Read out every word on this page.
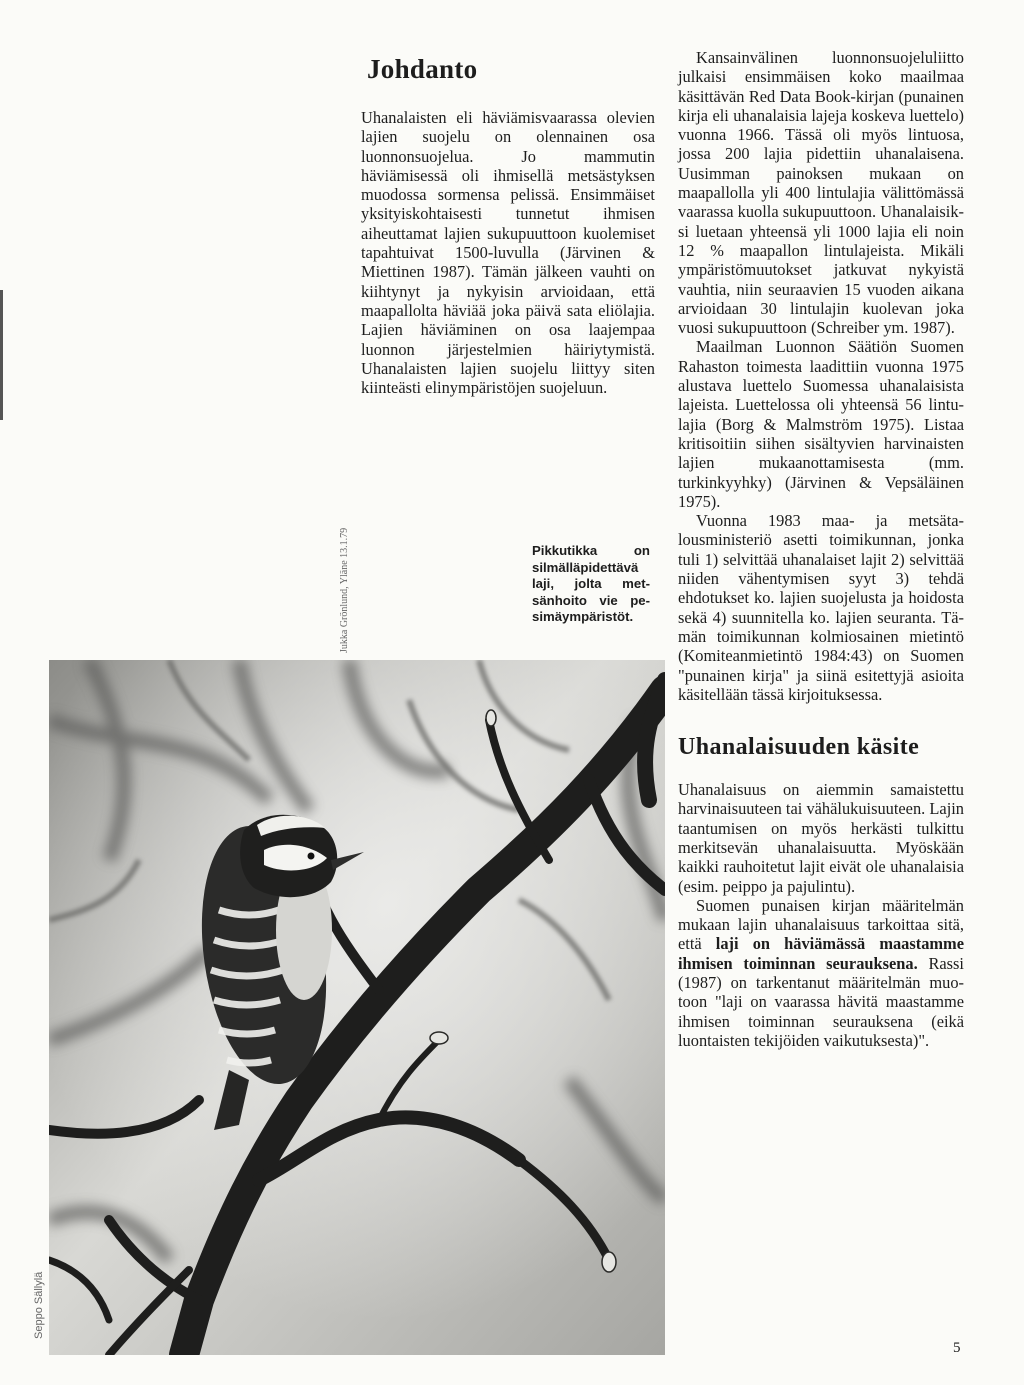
Johdanto

Uhanalaisten eli häviämisvaarassa olevien lajien suojelu on olennainen osa luonnonsuojelua. Jo mammutin häviämisessä oli ihmisellä metsästyksen muodossa sormensa pelissä. Ensimmäiset yksityiskohtaisesti tunnetut ihmisen aiheuttamat lajien sukupuuttoon kuolemiset tapahtuivat 1500-luvulla (Järvinen & Miettinen 1987). Tämän jälkeen vauhti on kiihtynyt ja nykyisin arvioidaan, että maapallolta häviää joka päivä sata eliölajia. Lajien häviäminen on osa laajempaa luonnon järjestelmien häiriytymistä. Uhanalaisten lajien suojelu liittyy siten kiinteästi elinympäristöjen suojeluun.

Kansainvälinen luonnonsuojeluliitto julkaisi ensimmäisen koko maailmaa käsittävän Red Data Book-kirjan (punainen kirja eli uhanalaisia lajeja koskeva luettelo) vuonna 1966. Tässä oli myös lintuosa, jossa 200 lajia pidettiin uhanalaisena. Uusimman painoksen mukaan on maapallolla yli 400 lintulajia välittömässä vaarassa kuolla sukupuuttoon. Uhanalaisiksi luetaan yhteensä yli 1000 lajia eli noin 12 % maapallon lintulajeista. Mikäli ympäristömuutokset jatkuvat nykyistä vauhtia, niin seuraavien 15 vuoden aikana arvioidaan 30 lintulajin kuolevan joka vuosi sukupuuttoon (Schreiber ym. 1987).

Maailman Luonnon Säätiön Suomen Rahaston toimesta laadittiin vuonna 1975 alustava luettelo Suomessa uhanalaisista lajeista. Luettelossa oli yhteensä 56 lintulajia (Borg & Malmström 1975). Listaa kritisoitiin siihen sisältyvien harvinaisten lajien mukaanottamisesta (mm. turkinkyyhky) (Järvinen & Vepsäläinen 1975).

Vuonna 1983 maa- ja metsätalousministeriö asetti toimikunnan, jonka tuli 1) selvittää uhanalaiset lajit 2) selvittää niiden vähentymisen syyt 3) tehdä ehdotukset ko. lajien suojelusta ja hoidosta sekä 4) suunnitella ko. lajien seuranta. Tämän toimikunnan kolmiosainen mietintö (Komiteanmietintö 1984:43) on Suomen "punainen kirja" ja siinä esitettyjä asioita käsitellään tässä kirjoituksessa.

Uhanalaisuuden käsite

Uhanalaisuus on aiemmin samaistettu harvinaisuuteen tai vähälukuisuuteen. Lajin taantumisen on myös herkästi tulkittu merkitsevän uhanalaisuutta. Myöskään kaikki rauhoitetut lajit eivät ole uhanalaisia (esim. peippo ja pajulintu).

Suomen punaisen kirjan määritelmän mukaan lajin uhanalaisuus tarkoittaa sitä, että laji on häviämässä maastamme ihmisen toiminnan seurauksena. Rassi (1987) on tarkentanut määritelmän muotoon "laji on vaarassa hävitä maastamme ihmisen toiminnan seurauksena (eikä luontaisten tekijöiden vaikutuksesta)".

Pikkutikka on silmälläpidettävä laji, jolta metsänhoito vie pesimäympäristöt.
Jukka Grönlund, Yläne 13.1.79
Seppo Sällylä
5
